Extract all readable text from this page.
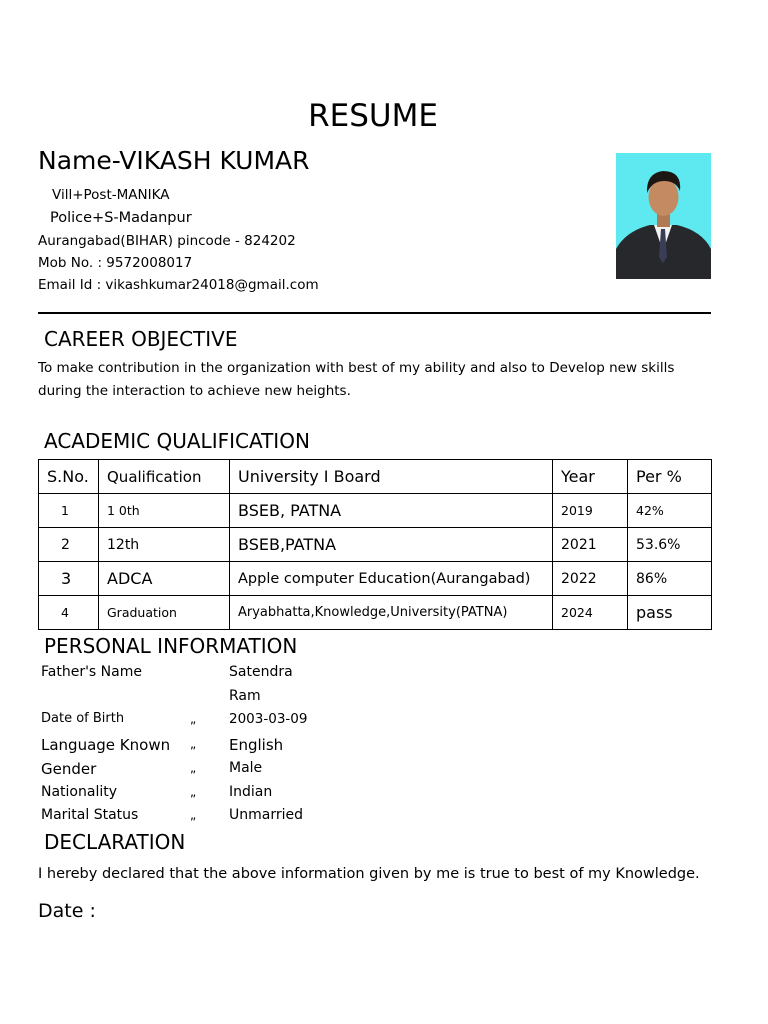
RESUME
Name-VIKASH KUMAR
Vill+Post-MANIKA
Police+S-Madanpur
Aurangabad(BIHAR) pincode - 824202
Mob No. : 9572008017
Email Id : vikashkumar24018@gmail.com
CAREER OBJECTIVE
To make contribution in the organization with best of my ability and also to Develop new skills during the interaction to achieve new heights.
ACADEMIC QUALIFICATION
S.No.	Qualification	University I Board	Year	Per %
1	1 0th	BSEB, PATNA	2019	42%
2	12th	BSEB,PATNA	2021	53.6%
3	ADCA	Apple computer Education(Aurangabad)	2022	86%
4	Graduation	Aryabhatta,Knowledge,University(PATNA)	2024	pass
PERSONAL INFORMATION
Father's Name	Satendra
Ram
Date of Birth	„ 2003-03-09
Language Known „ English
Gender	„ Male
Nationality	„ Indian
Marital Status	„ Unmarried
DECLARATION
I hereby declared that the above information given by me is true to best of my Knowledge.
Date :
